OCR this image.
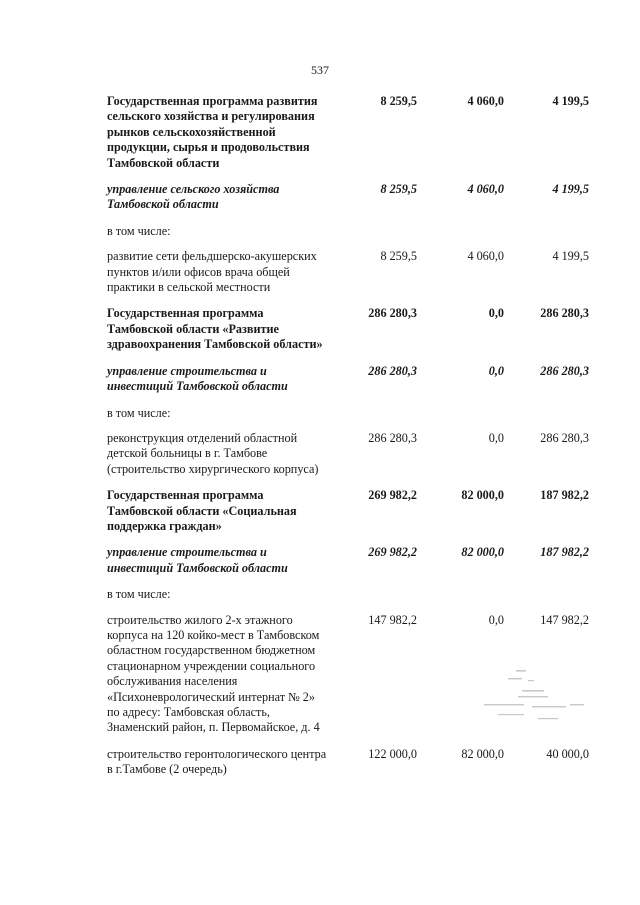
537
Государственная программа развития сельского хозяйства и регулирования рынков сельскохозяйственной продукции, сырья и продовольствия Тамбовской области
8 259,5	4 060,0	4 199,5
управление сельского хозяйства Тамбовской области
8 259,5	4 060,0	4 199,5
в том числе:
развитие сети фельдшерско-акушерских пунктов и/или офисов врача общей практики в сельской местности
8 259,5	4 060,0	4 199,5
Государственная программа Тамбовской области «Развитие здравоохранения Тамбовской области»
286 280,3	0,0	286 280,3
управление строительства и инвестиций Тамбовской области
286 280,3	0,0	286 280,3
в том числе:
реконструкция отделений областной детской больницы в г. Тамбове (строительство хирургического корпуса)
286 280,3	0,0	286 280,3
Государственная программа Тамбовской области «Социальная поддержка граждан»
269 982,2	82 000,0	187 982,2
управление строительства и инвестиций Тамбовской области
269 982,2	82 000,0	187 982,2
в том числе:
строительство жилого 2-х этажного корпуса на 120 койко-мест в Тамбовском областном государственном бюджетном стационарном учреждении социального обслуживания населения «Психоневрологический интернат № 2» по адресу: Тамбовская область, Знаменский район, п. Первомайское, д. 4
147 982,2	0,0	147 982,2
строительство геронтологического центра в г.Тамбове (2 очередь)
122 000,0	82 000,0	40 000,0
